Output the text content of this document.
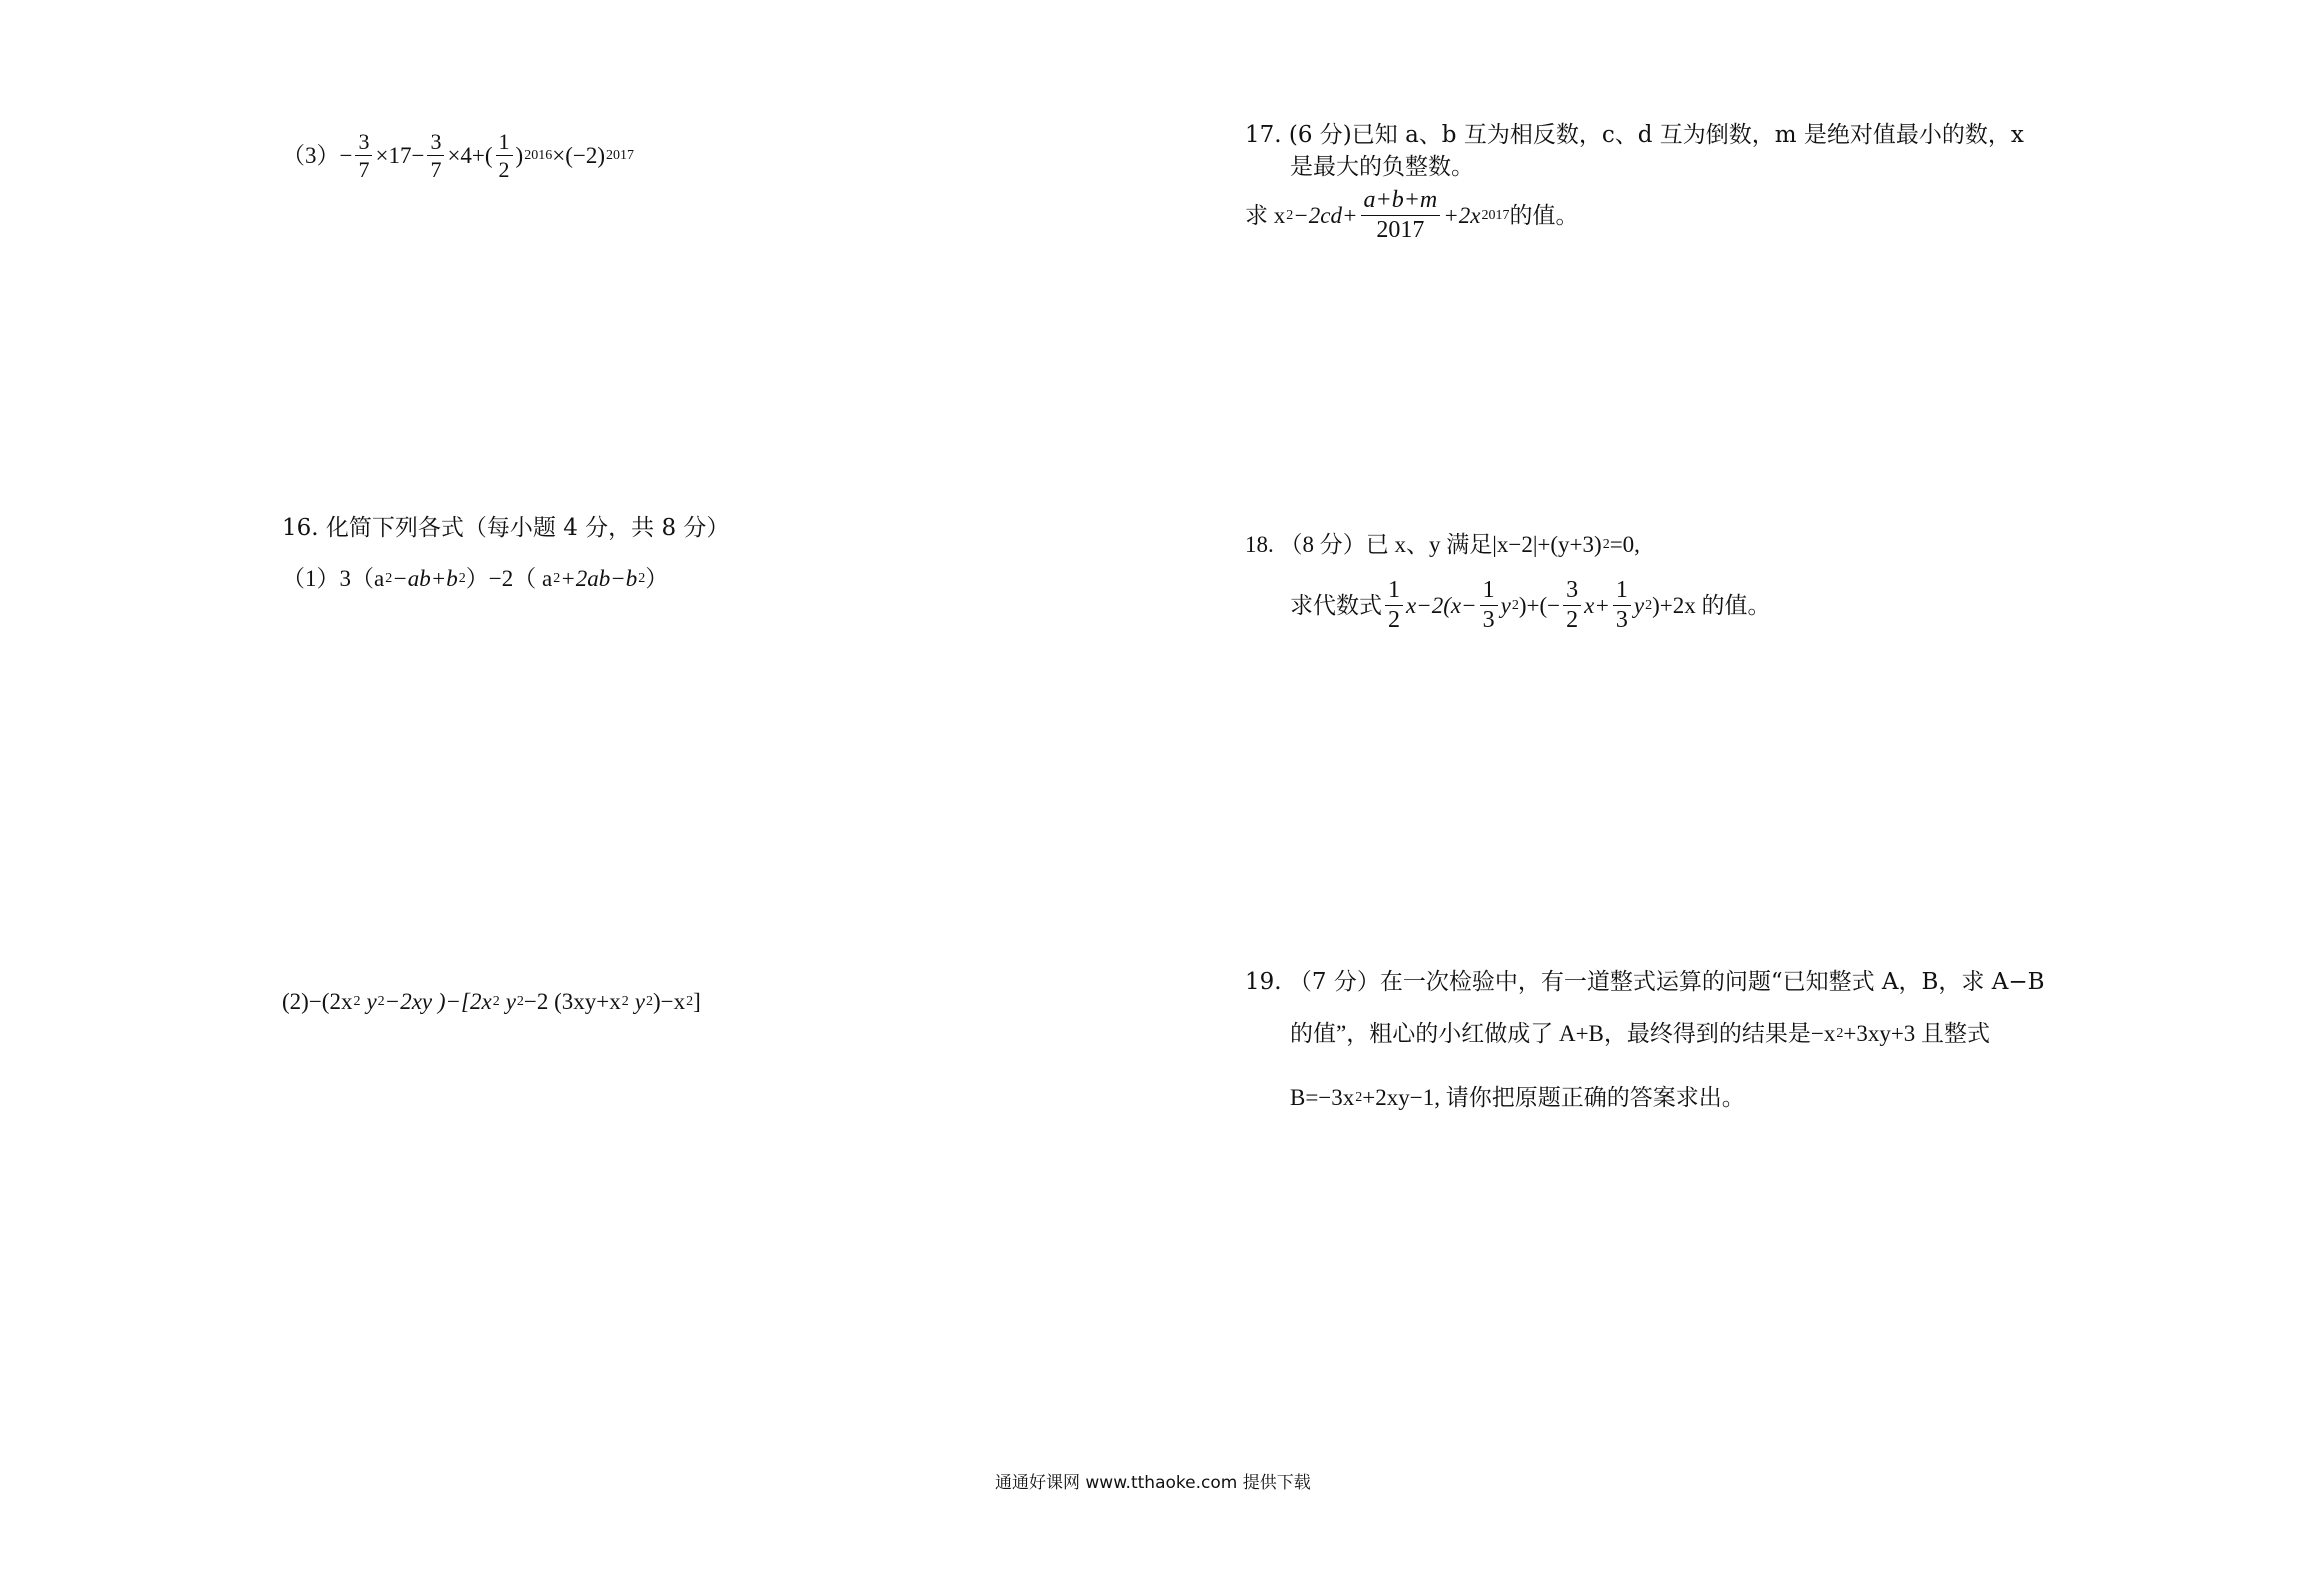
$(3) - \frac{3}{7} \times 17- \frac{3}{7} \times 4+( \frac{1}{2}$ ) 2016 ×(−2) 2017
16. 化简下列各式（每小题 4 分，共 8 分）
（1）3（a 2 −ab+b 2 ）−2（ a 2 +2ab−b 2 ）
(2)−(2x 2 y 2 −2xy )−[2x 2 y 2 −2 (3xy+x 2 y 2 )−x 2 ]
17. (6 分)已知 a、b 互为相反数，c、d 互为倒数，m 是绝对值最小的数，x
是最大的负整数。
求 x $2 -2cd+ \frac{a+b+m}{2017} +2x$ 2017 的值。
18. （8 分）已 x、y 满足|x−2|+(y+3) 2 =0,
求代数式 $\frac{1}{2} x-2(x- \frac{1}{3}$ y 2 )+(− $\frac{3}{2} x+ \frac{1}{3}$ y 2 )+2x 的值。
19. （7 分）在一次检验中，有一道整式运算的问题“已知整式 A，B，求 A−B
的值”，粗心的小红做成了 A+B，最终得到的结果是−x 2 +3xy+3 且整式
B=−3x 2 +2xy−1, 请你把原题正确的答案求出。
通通好课网 www.tthaoke.com 提供下载
